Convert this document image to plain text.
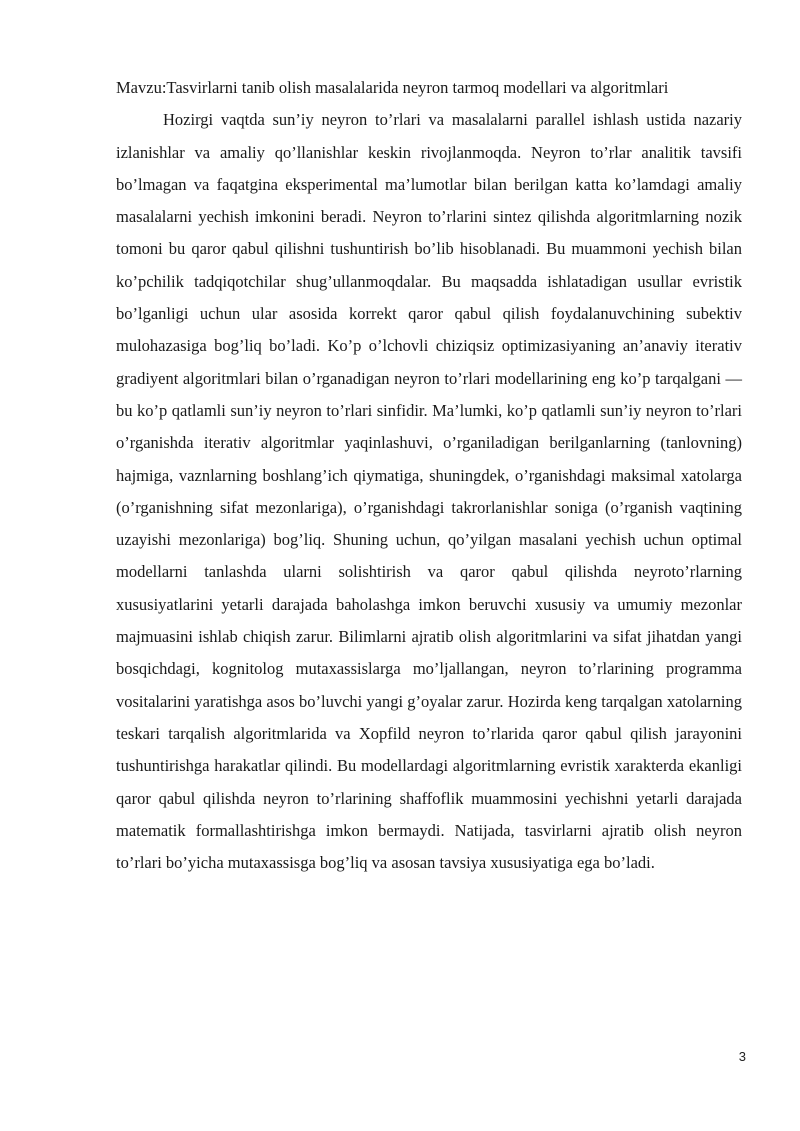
Mavzu:Tasvirlarni tanib olish masalalarida neyron tarmoq modellari va algoritmlari

Hozirgi vaqtda sun’iy neyron to’rlari va masalalarni parallel ishlash ustida nazariy izlanishlar va amaliy qo’llanishlar keskin rivojlanmoqda. Neyron to’rlar analitik tavsifi bo’lmagan va faqatgina eksperimental ma’lumotlar bilan berilgan katta ko’lamdagi amaliy masalalarni yechish imkonini beradi. Neyron to’rlarini sintez qilishda algoritmlarning nozik tomoni bu qaror qabul qilishni tushuntirish bo’lib hisoblanadi. Bu muammoni yechish bilan ko’pchilik tadqiqotchilar shug’ullanmoqdalar. Bu maqsadda ishlatadigan usullar evristik bo’lganligi uchun ular asosida korrekt qaror qabul qilish foydalanuvchining subektiv mulohazasiga bog’liq bo’ladi. Ko’p o’lchovli chiziqsiz optimizasiyaning an’anaviy iterativ gradiyent algoritmlari bilan o’rganadigan neyron to’rlari modellarining eng ko’p tarqalgani — bu ko’p qatlamli sun’iy neyron to’rlari sinfidir. Ma’lumki, ko’p qatlamli sun’iy neyron to’rlari o’rganishda iterativ algoritmlar yaqinlashuvi, o’rganiladigan berilganlarning (tanlovning) hajmiga, vaznlarning boshlang’ich qiymatiga, shuningdek, o’rganishdagi maksimal xatolarga (o’rganishning sifat mezonlariga), o’rganishdagi takrorlanishlar soniga (o’rganish vaqtining uzayishi mezonlariga) bog’liq. Shuning uchun, qo’yilgan masalani yechish uchun optimal modellarni tanlashda ularni solishtirish va qaror qabul qilishda neyroto’rlarning xususiyatlarini yetarli darajada baholashga imkon beruvchi xususiy va umumiy mezonlar majmuasini ishlab chiqish zarur. Bilimlarni ajratib olish algoritmlarini va sifat jihatdan yangi bosqichdagi, kognitolog mutaxassislarga mo’ljallangan, neyron to’rlarining programma vositalarini yaratishga asos bo’luvchi yangi g’oyalar zarur. Hozirda keng tarqalgan xatolarning teskari tarqalish algoritmlarida va Xopfild neyron to’rlarida qaror qabul qilish jarayonini tushuntirishga harakatlar qilindi. Bu modellardagi algoritmlarning evristik xarakterda ekanligi qaror qabul qilishda neyron to’rlarining shaffoflik muammosini yechishni yetarli darajada matematik formallashtirishga imkon bermaydi. Natijada, tasvirlarni ajratib olish neyron to’rlari bo’yicha mutaxassisga bog’liq va asosan tavsiya xususiyatiga ega bo’ladi.

3
